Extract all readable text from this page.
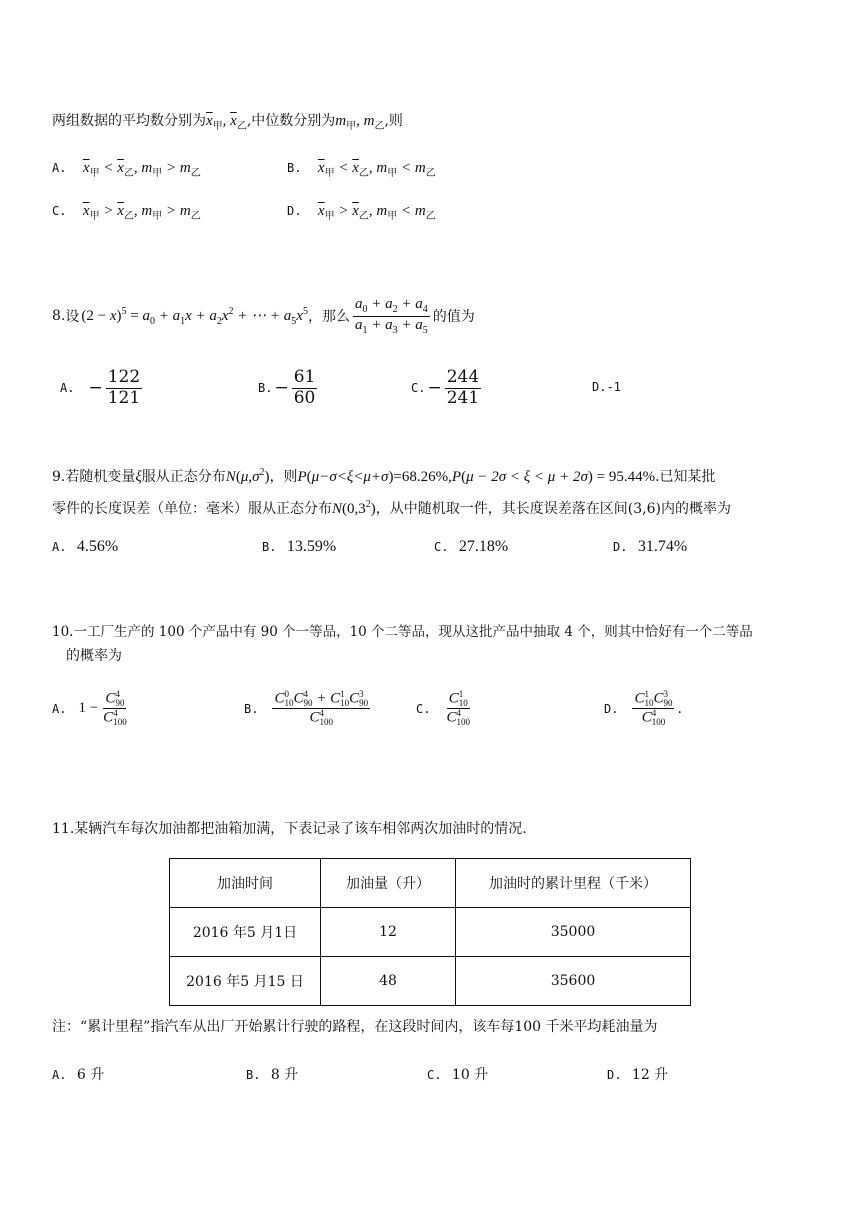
两组数据的平均数分别为$\overline{x}_甲$, $\overline{x}_乙$,中位数分别为$m_甲$, $m_乙$,则
A. $\overline{x}_甲 < \overline{x}_乙$, $m_甲 > m_乙$	B. $\overline{x}_甲 < \overline{x}_乙$, $m_甲 < m_乙$
C. $\overline{x}_甲 > \overline{x}_乙$, $m_甲 > m_乙$	D. $\overline{x}_甲 > \overline{x}_乙$, $m_甲 < m_乙$
8. 设 $(2 - x)^5 = a_0 + a_1x + a_2x^2$ + ⋯ + $a_5x^5$ ，那么 $\frac{a_0 + a_2 + a_4}{a_1 + a_3 + a_5}$ 的值为
A. − $\frac{122}{121}$	B. − $\frac{61}{60}$	C. − $\frac{244}{241}$	D.-1
9.若随机变量ξ服从正态分布$N(\mu,\sigma^2)$，则P(μ−σ<ξ<μ+σ)=68.26%,P(μ − 2σ < ξ < μ + 2σ) = 95.44%.已知某批
零件的长度误差（单位：毫米）服从正态分布$N(0,3^2)$，从中随机取一件，其长度误差落在区间(3,6)内的概率为
A. 4.56%	B. 13.59%	C. 27.18%	D. 31.74%
10.一工厂生产的 100 个产品中有 90 个一等品，10 个二等品，现从这批产品中抽取 4 个，则其中恰好有一个二等品
的概率为
A. 1 − C 4
90
C 4
100	B. C 0
10 C 4
90 + C 1
10 C 3
90
C 4
100	C. C 1
10
C 4
100	D. C 1
10 C 3
90
C 4
100 .
11.某辆汽车每次加油都把油箱加满，下表记录了该车相邻两次加油时的情况.
加油时间	加油量（升）	加油时的累计里程（千米）
2016 年5 月1日	12	35000
2016 年5 月15 日	48	35600
注：“累计里程”指汽车从出厂开始累计行驶的路程，在这段时间内，该车每100 千米平均耗油量为
A. 6 升	B. 8 升	C. 10 升	D. 12 升
